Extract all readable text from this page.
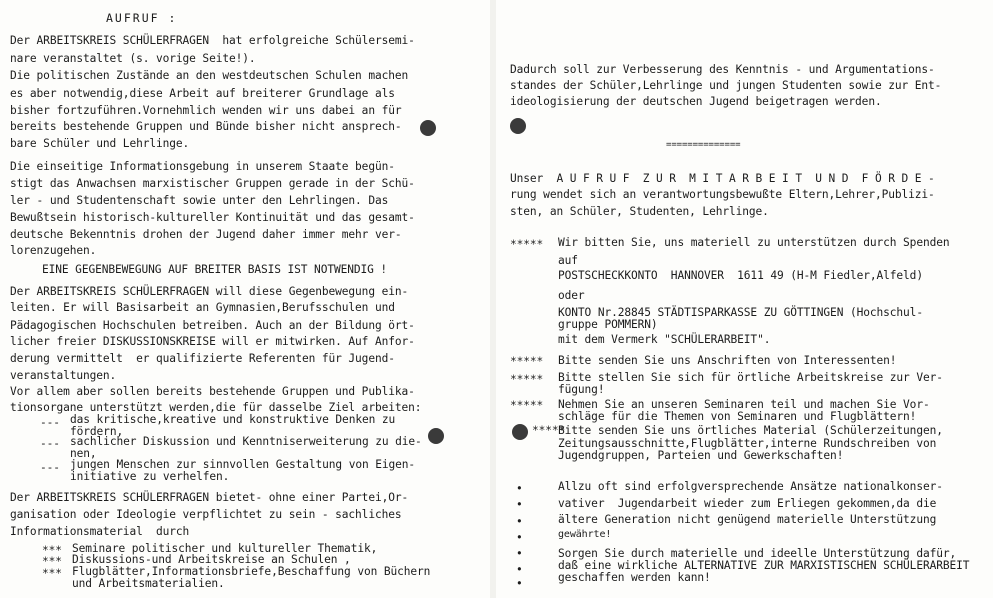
AUFRUF :
Der ARBEITSKREIS SCHÜLERFRAGEN  hat erfolgreiche Schülersemi-
nare veranstaltet (s. vorige Seite!).
Die politischen Zustände an den westdeutschen Schulen machen
es aber notwendig,diese Arbeit auf breiterer Grundlage als
bisher fortzuführen.Vornehmlich wenden wir uns dabei an für
bereits bestehende Gruppen und Bünde bisher nicht ansprech-
bare Schüler und Lehrlinge.
Die einseitige Informationsgebung in unserem Staate begün-
stigt das Anwachsen marxistischer Gruppen gerade in der Schü-
ler - und Studentenschaft sowie unter den Lehrlingen. Das
Bewußtsein historisch-kultureller Kontinuität und das gesamt-
deutsche Bekenntnis drohen der Jugend daher immer mehr ver-
lorenzugehen.
EINE GEGENBEWEGUNG AUF BREITER BASIS IST NOTWENDIG !
Der ARBEITSKREIS SCHÜLERFRAGEN will diese Gegenbewegung ein-
leiten. Er will Basisarbeit an Gymnasien,Berufsschulen und
Pädagogischen Hochschulen betreiben. Auch an der Bildung ört-
licher freier DISKUSSIONSKREISE will er mitwirken. Auf Anfor-
derung vermittelt  er qualifizierte Referenten für Jugend-
veranstaltungen.
Vor allem aber sollen bereits bestehende Gruppen und Publika-
tionsorgane unterstützt werden,die für dasselbe Ziel arbeiten:
--- das kritische,kreative und konstruktive Denken zu
fördern,
--- sachlicher Diskussion und Kenntniserweiterung zu die-
nen,
--- jungen Menschen zur sinnvollen Gestaltung von Eigen-
initiative zu verhelfen.
Der ARBEITSKREIS SCHÜLERFRAGEN bietet- ohne einer Partei,Or-
ganisation oder Ideologie verpflichtet zu sein - sachliches
Informationsmaterial  durch
*** Seminare politischer und kultureller Thematik,
*** Diskussions-und Arbeitskreise an Schulen ,
*** Flugblätter,Informationsbriefe,Beschaffung von Büchern
und Arbeitsmaterialien.
Dadurch soll zur Verbesserung des Kenntnis - und Argumentations-
standes der Schüler,Lehrlinge und jungen Studenten sowie zur Ent-
ideologisierung der deutschen Jugend beigetragen werden.
==============
Unser  A U F R U F  Z U R  M I T A R B E I T  U N D  F Ö R D E -
rung wendet sich an verantwortungsbewußte Eltern,Lehrer,Publizi-
sten, an Schüler, Studenten, Lehrlinge.
***** Wir bitten Sie, uns materiell zu unterstützen durch Spenden
auf
POSTSCHECKKONTO  HANNOVER  1611 49 (H-M Fiedler,Alfeld)
oder
KONTO Nr.28845 STÄDTISPARKASSE ZU GÖTTINGEN (Hochschul-
gruppe POMMERN)
mit dem Vermerk "SCHÜLERARBEIT".
***** Bitte senden Sie uns Anschriften von Interessenten!
***** Bitte stellen Sie sich für örtliche Arbeitskreise zur Ver-
fügung!
***** Nehmen Sie an unseren Seminaren teil und machen Sie Vor-
schläge für die Themen von Seminaren und Flugblättern!
*****
Bitte senden Sie uns örtliches Material (Schülerzeitungen,
Zeitungsausschnitte,Flugblätter,interne Rundschreiben von
Jugendgruppen, Parteien und Gewerkschaften!
•	Allzu oft sind erfolgversprechende Ansätze nationalkonser-
•	vativer  Jugendarbeit wieder zum Erliegen gekommen,da die
•	ältere Generation nicht genügend materielle Unterstützung
•	gewährte!
•	Sorgen Sie durch materielle und ideelle Unterstützung dafür,
•	daß eine wirkliche ALTERNATIVE ZUR MARXISTISCHEN SCHÜLERARBEIT
•	geschaffen werden kann!
